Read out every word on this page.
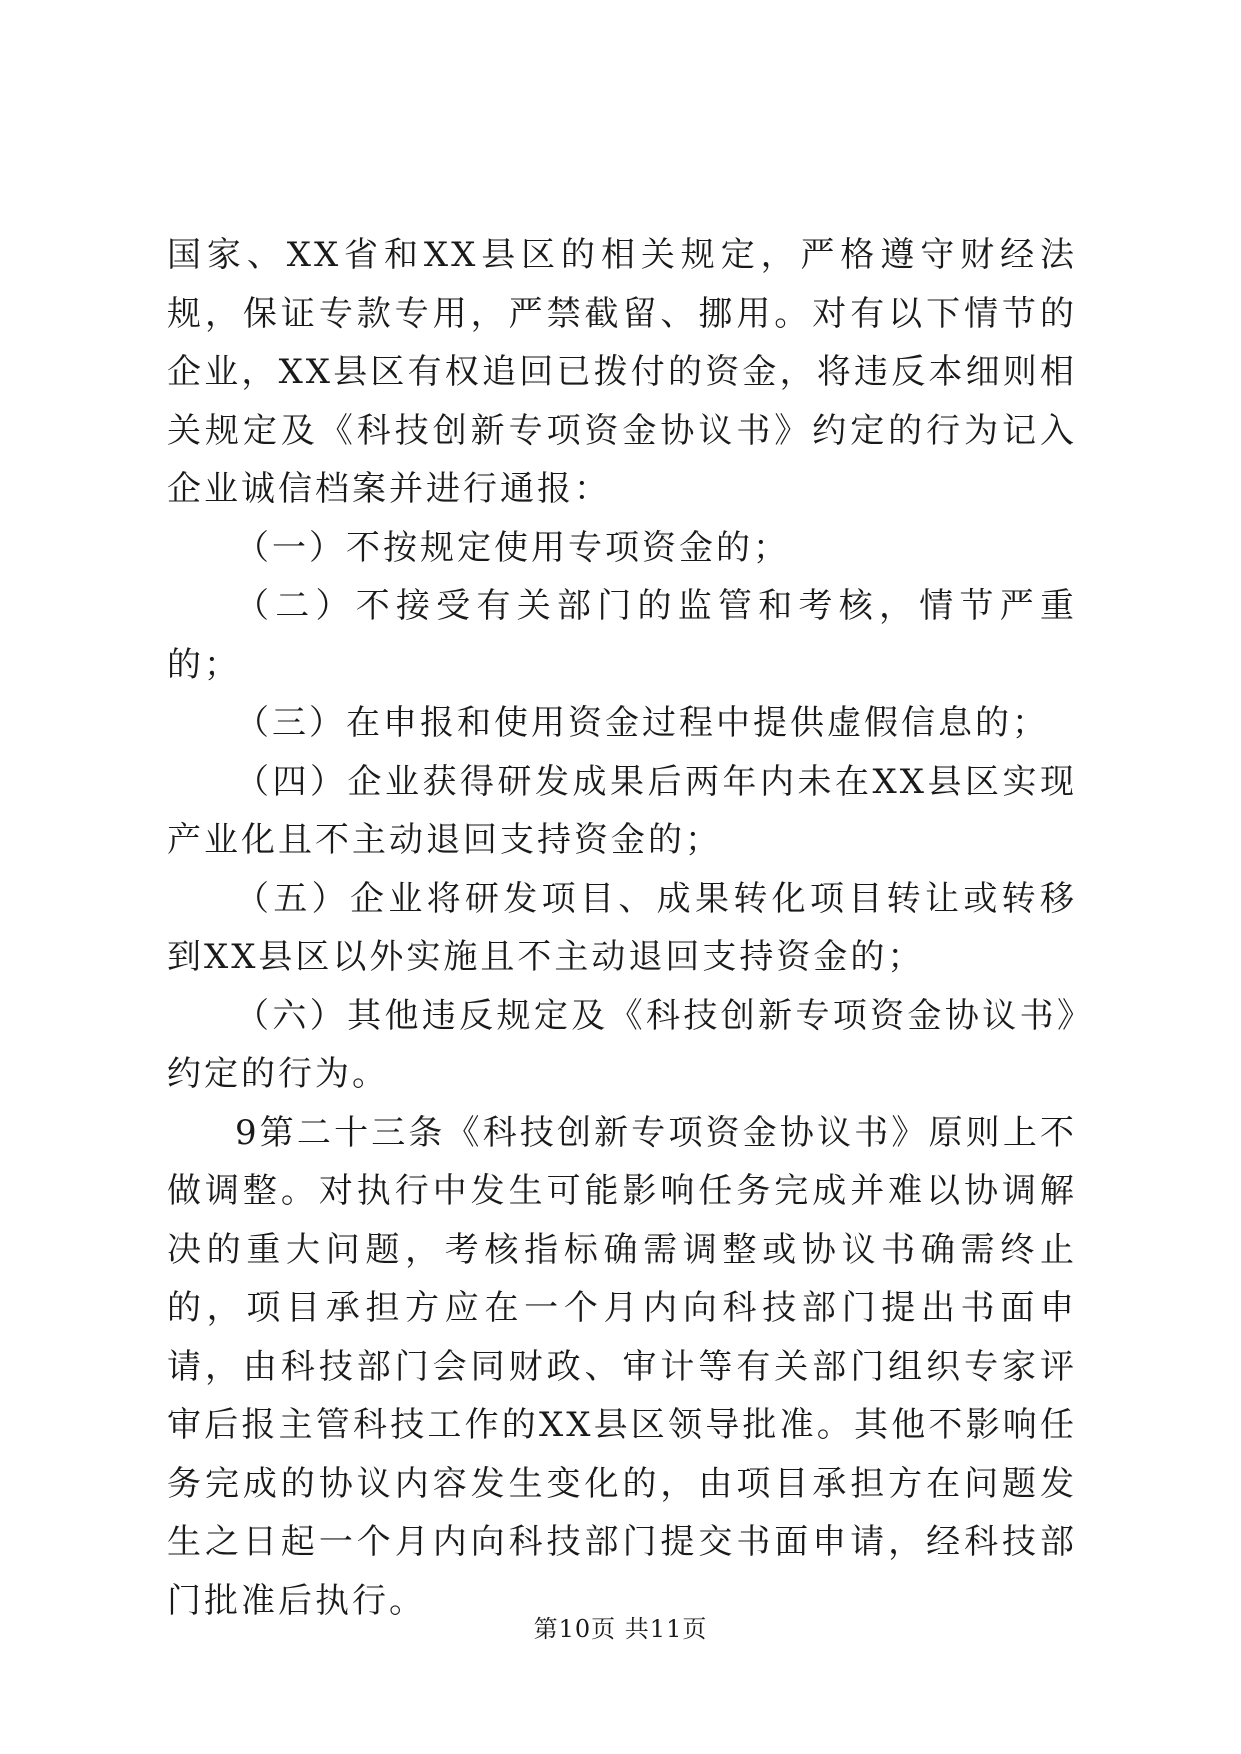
国家、XX省和XX县区的相关规定，严格遵守财经法规，保证专款专用，严禁截留、挪用。对有以下情节的企业，XX县区有权追回已拨付的资金，将违反本细则相关规定及《科技创新专项资金协议书》约定的行为记入企业诚信档案并进行通报：

（一）不按规定使用专项资金的；

（二）不接受有关部门的监管和考核，情节严重的；

（三）在申报和使用资金过程中提供虚假信息的；

（四）企业获得研发成果后两年内未在XX县区实现产业化且不主动退回支持资金的；

（五）企业将研发项目、成果转化项目转让或转移到XX县区以外实施且不主动退回支持资金的；

（六）其他违反规定及《科技创新专项资金协议书》约定的行为。

9第二十三条《科技创新专项资金协议书》原则上不做调整。对执行中发生可能影响任务完成并难以协调解决的重大问题，考核指标确需调整或协议书确需终止的，项目承担方应在一个月内向科技部门提出书面申请，由科技部门会同财政、审计等有关部门组织专家评审后报主管科技工作的XX县区领导批准。其他不影响任务完成的协议内容发生变化的，由项目承担方在问题发生之日起一个月内向科技部门提交书面申请，经科技部门批准后执行。

第10页 共11页
